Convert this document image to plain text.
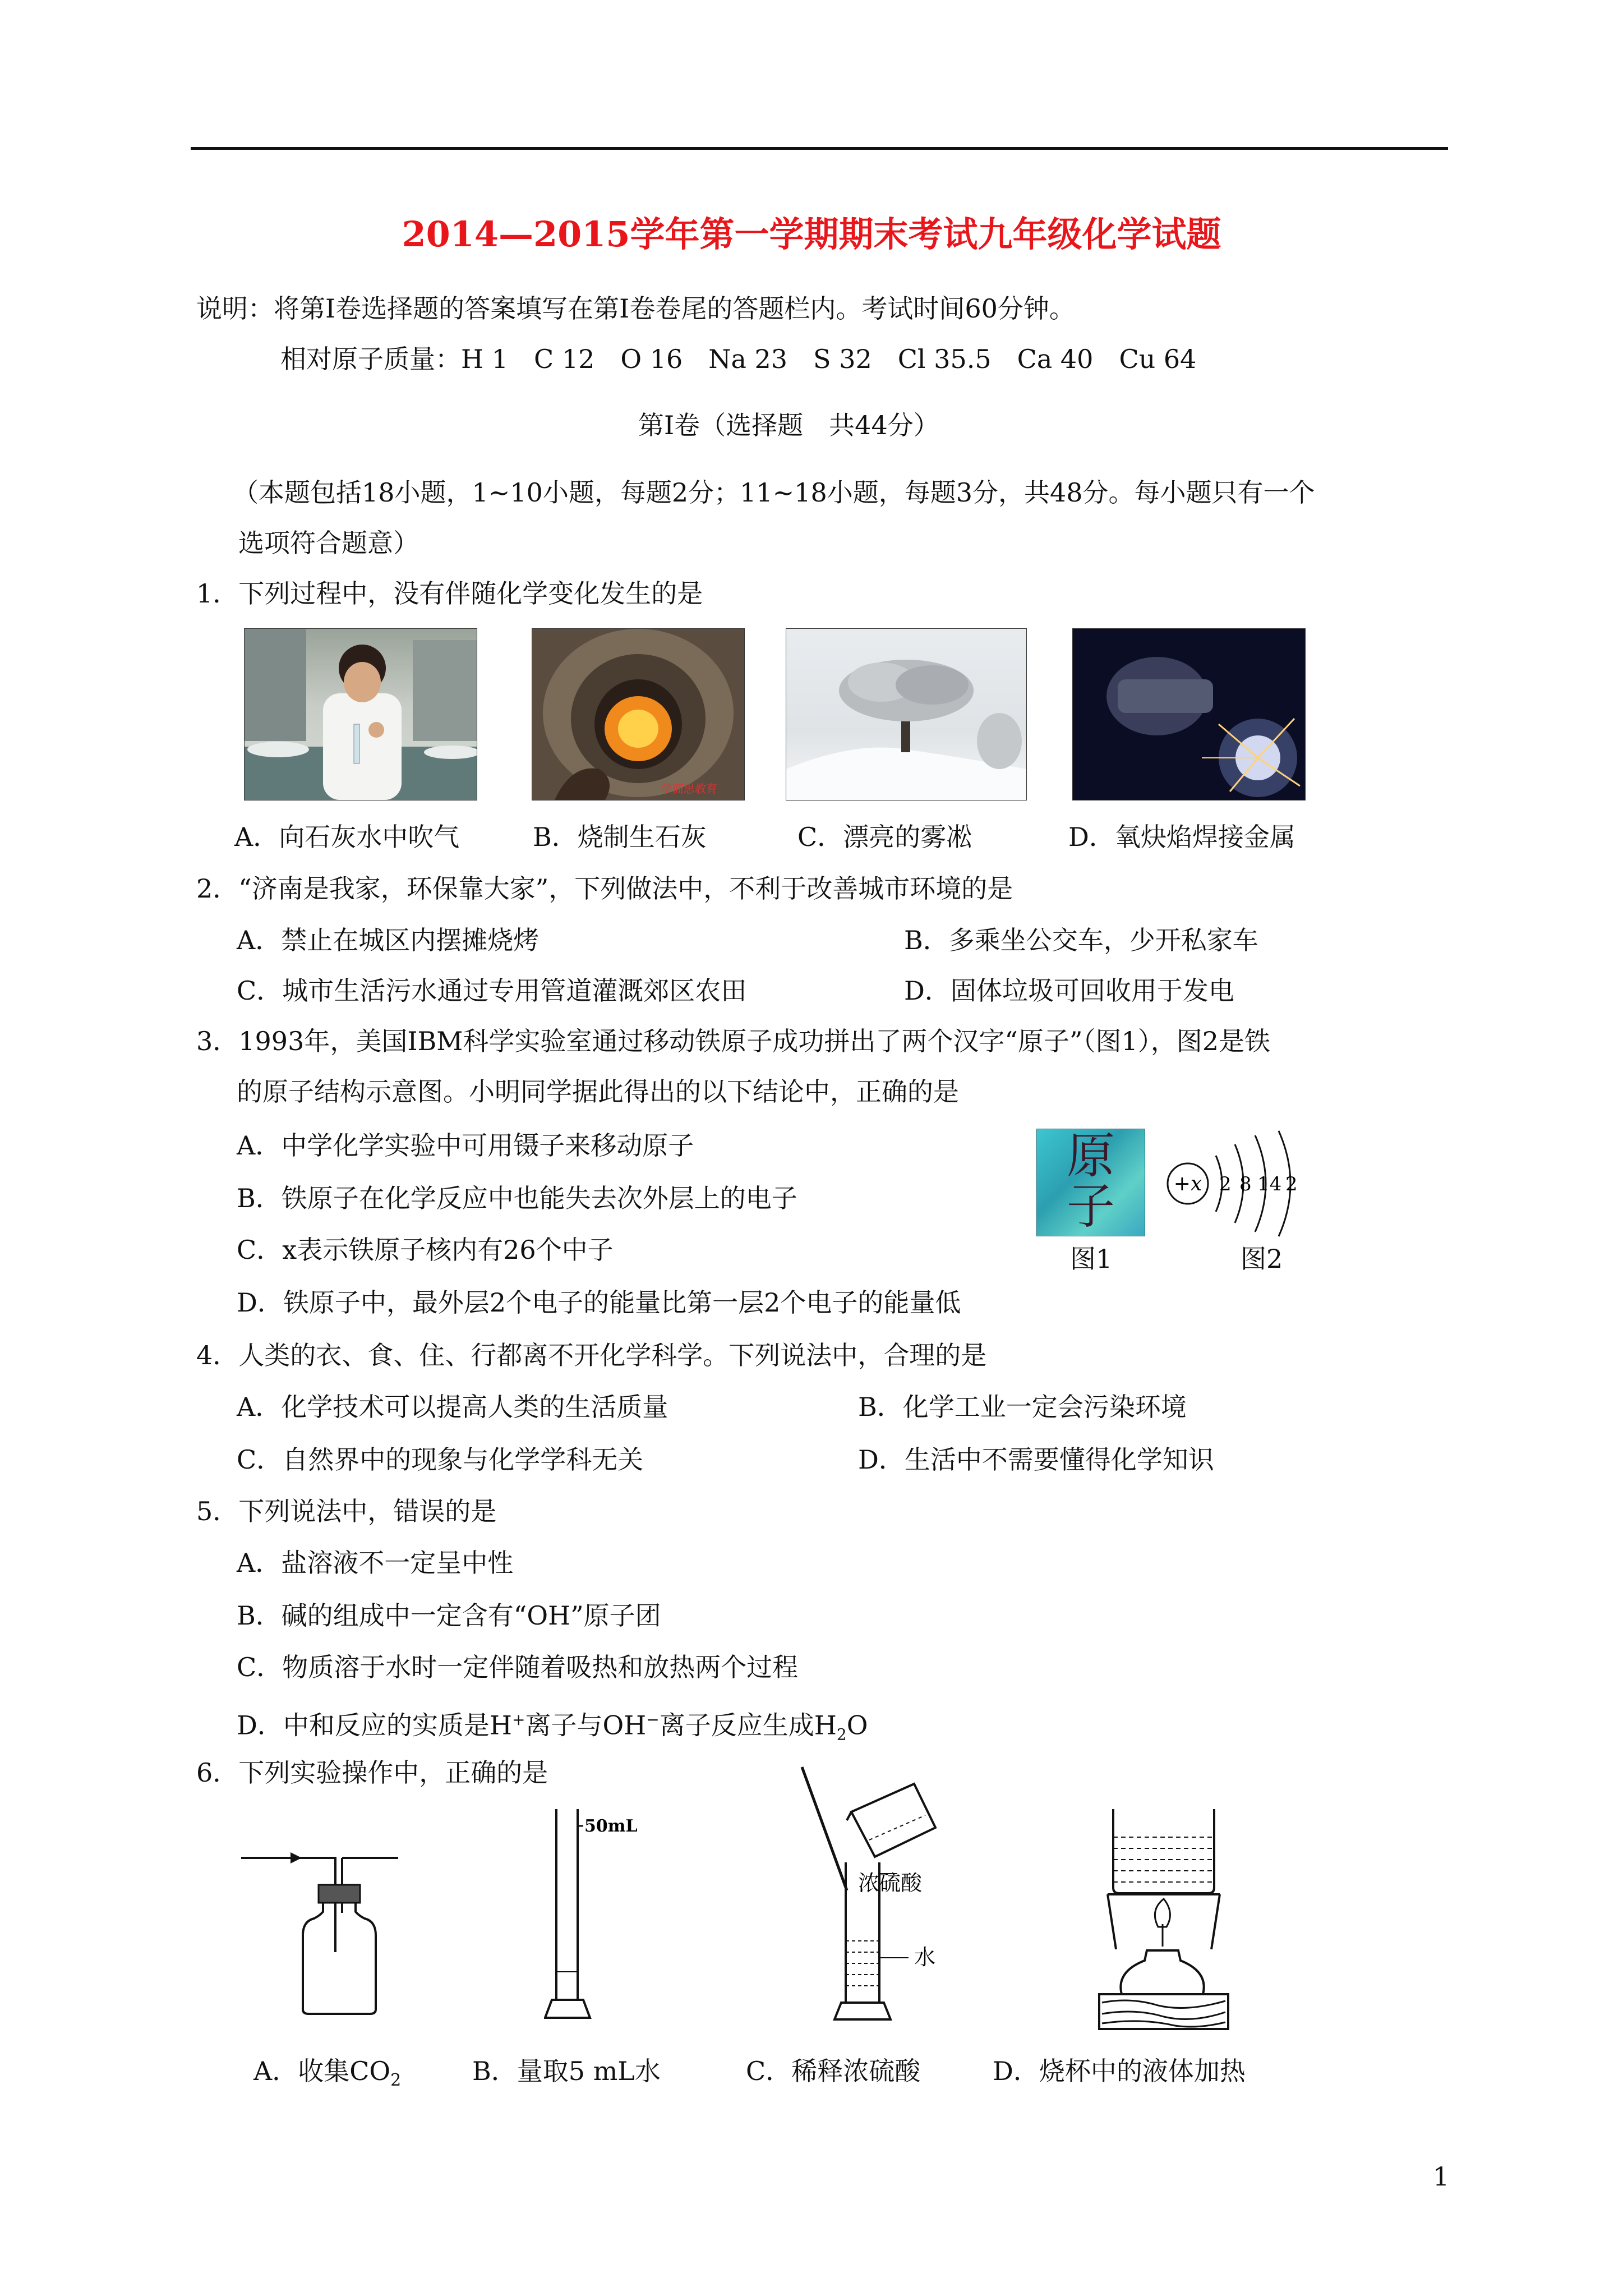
2014—2015学年第一学期期末考试九年级化学试题
说明：将第Ⅰ卷选择题的答案填写在第Ⅰ卷卷尾的答题栏内。考试时间60分钟。
相对原子质量：H 1　C 12　O 16　Na 23　S 32　Cl 35.5　Ca 40　Cu 64
第Ⅰ卷（选择题　共44分）
（本题包括18小题，1~10小题，每题2分；11~18小题，每题3分，共48分。每小题只有一个
选项符合题意）
1．下列过程中，没有伴随化学变化发生的是
学而思教育
A．向石灰水中吹气	B．烧制生石灰	C．漂亮的雾凇	D．氧炔焰焊接金属
2．“济南是我家，环保靠大家”，下列做法中，不利于改善城市环境的是
A．禁止在城区内摆摊烧烤	B．多乘坐公交车，少开私家车
C．城市生活污水通过专用管道灌溉郊区农田	D．固体垃圾可回收用于发电
3．1993年，美国IBM科学实验室通过移动铁原子成功拼出了两个汉字“原子”（图1），图2是铁
的原子结构示意图。小明同学据此得出的以下结论中，正确的是
A．中学化学实验中可用镊子来移动原子
B．铁原子在化学反应中也能失去次外层上的电子
C．x表示铁原子核内有26个中子
D．铁原子中，最外层2个电子的能量比第一层2个电子的能量低
原
子
图1
+x 2 8 14 2
图2
4．人类的衣、食、住、行都离不开化学科学。下列说法中，合理的是
A．化学技术可以提高人类的生活质量	B．化学工业一定会污染环境
C．自然界中的现象与化学学科无关	D．生活中不需要懂得化学知识
5．下列说法中，错误的是
A．盐溶液不一定呈中性
B．碱的组成中一定含有“OH”原子团
C．物质溶于水时一定伴随着吸热和放热两个过程
D．中和反应的实质是H+离子与OH−离子反应生成$H_2O$
6．下列实验操作中，正确的是
A．收集$CO_2$
50mL
B．量取5 mL水
浓硫酸
水
C．稀释浓硫酸	D．烧杯中的液体加热
1
